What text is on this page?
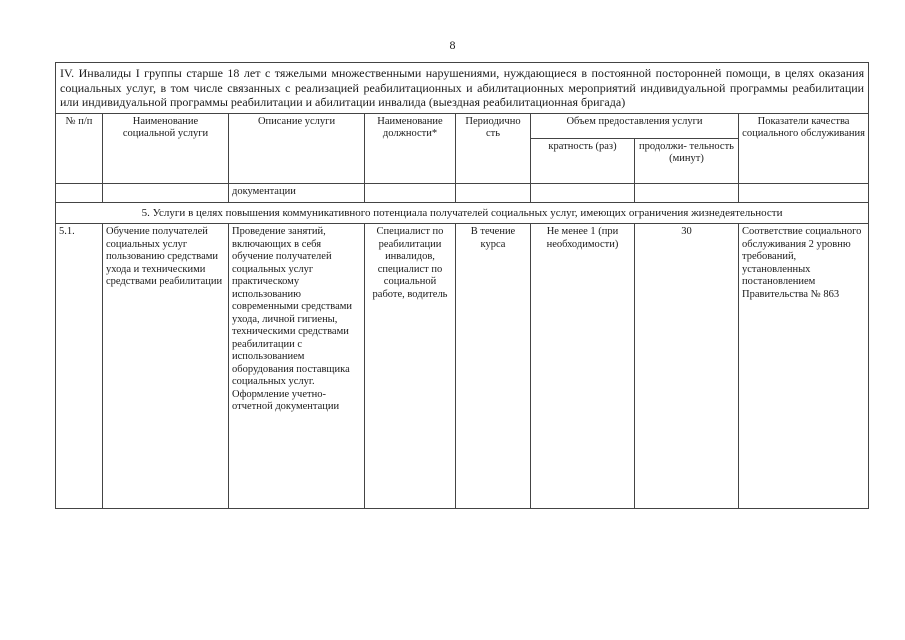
8
IV. Инвалиды I группы старше 18 лет с тяжелыми множественными нарушениями, нуждающиеся в постоянной посторонней помощи, в целях оказания социальных услуг, в том числе связанных с реализацией реабилитационных и абилитационных мероприятий индивидуальной программы реабилитации или индивидуальной программы реабилитации и абилитации инвалида (выездная реабилитационная бригада)							
№ п/п	Наименование социальной услуги	Описание услуги	Наименование должности*	Периодично сть	Объем предоставления услуги		Показатели качества социального обслуживания
					кратность (раз)	продолжи- тельность (минут)	
		документации					
5. Услуги в целях повышения коммуникативного потенциала получателей социальных услуг, имеющих ограничения жизнедеятельности							
5.1.	Обучение получателей социальных услуг пользованию средствами ухода и техническими средствами реабилитации	Проведение занятий, включающих в себя обучение получателей социальных услуг практическому использованию современными средствами ухода, личной гигиены, техническими средствами реабилитации с использованием оборудования поставщика социальных услуг. Оформление учетно-отчетной документации	Специалист по реабилитации инвалидов, специалист по социальной работе, водитель	В течение курса	Не менее 1 (при необходимости)	30	Соответствие социального обслуживания 2 уровню требований, установленных постановлением Правительства № 863
